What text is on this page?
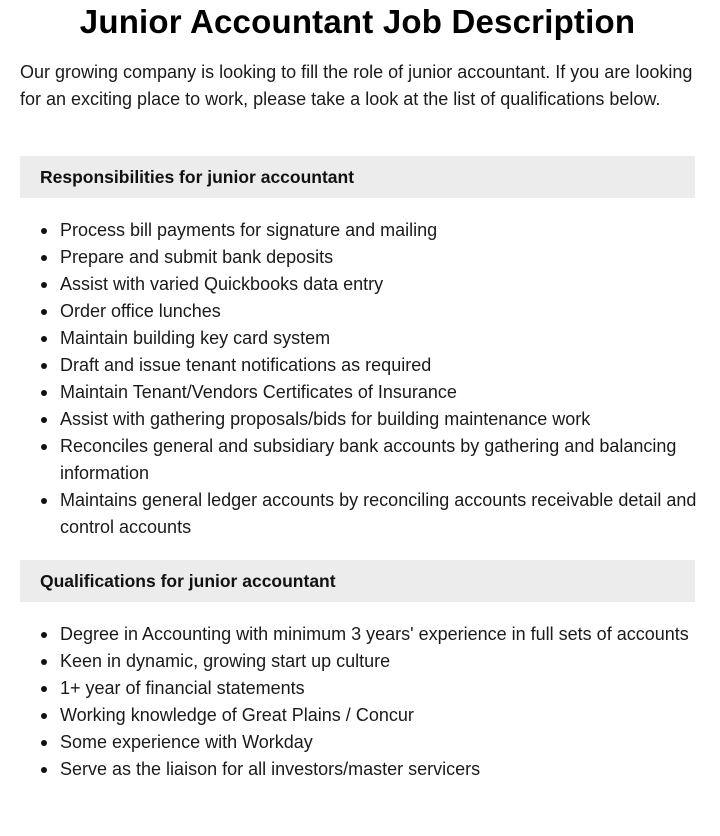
Junior Accountant Job Description

Our growing company is looking to fill the role of junior accountant. If you are looking for an exciting place to work, please take a look at the list of qualifications below.

Responsibilities for junior accountant
Process bill payments for signature and mailing
Prepare and submit bank deposits
Assist with varied Quickbooks data entry
Order office lunches
Maintain building key card system
Draft and issue tenant notifications as required
Maintain Tenant/Vendors Certificates of Insurance
Assist with gathering proposals/bids for building maintenance work
Reconciles general and subsidiary bank accounts by gathering and balancing information
Maintains general ledger accounts by reconciling accounts receivable detail and control accounts
Qualifications for junior accountant
Degree in Accounting with minimum 3 years' experience in full sets of accounts
Keen in dynamic, growing start up culture
1+ year of financial statements
Working knowledge of Great Plains / Concur
Some experience with Workday
Serve as the liaison for all investors/master servicers
